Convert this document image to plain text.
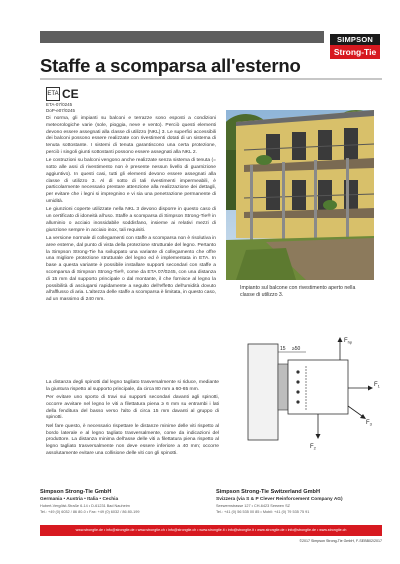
SIMPSON
Strong-Tie
Staffe a scomparsa all'esterno
ETA CE
ETA-07/0245
DoP-e07/0245

Di norma, gli impianti su balconi e terrazze sono esposti a condizioni meteorologiche varie (sole, pioggia, neve e vento). Perciò questi elementi devono essere assegnati alla classe di utilizzo (NKL) 3. Le superfici accessibili dei balconi possono essere realizzate con rivestimenti dotati di un sistema di tenuta sottostante. I sistemi di tenuta garantiscono una certa protezione, perciò i singoli giunti sottostanti possono essere assegnati alla NKL 2.

Le costruzioni su balconi vengono anche realizzate senza sistema di tenuta (= sotto alle assi di rivestimento non è presente nessun livello di guarnizione aggiuntivo). In questi casi, tutti gli elementi devono essere assegnati alla classe di utilizzo 3. Al di sotto di tali rivestimenti impermeabili, è particolarmente necessario prestare attenzione alla realizzazione dei dettagli, per evitare che i legni si impregnino e vi sia una penetrazione permanente di umidità.

Le giunzioni coperte utilizzate nella NKL 3 devono disporre in questo caso di un certificato di idoneità all'uso. Staffe a scomparsa di Simpson Strong-Tie® in alluminio o acciaio inossidabile soddisfano, insieme ai relativi mezzi di giunzione sempre in acciaio inox, tali requisiti.

La versione normale di collegamenti con staffe a scomparsa non è risolutiva in aree esterne, dal punto di vista della protezione strutturale del legno. Pertanto la Simpson Strong-Tie ha sviluppato una variante di collegamento che offre una migliore protezione strutturale del legno ed è implementata in ETA. In base a questa variante è possibile installare supporti secondari con staffe a scomparsa di Simpson Strong-Tie®, come da ETA 07/0245, con una distanza di 15 mm dal supporto principale o dal montante, il che fornisce al legno la possibilità di asciugarsi rapidamente a seguito dell'effetto dell'umidità dovuto all'afflusso di aria. L'altezza delle staffe a scomparsa è limitata, in questo caso, ad un massimo di 240 mm.

La distanza degli spinotti dal legno tagliato trasversalmente si riduce, mediante la giuntura rispetto al supporto principale, da circa 80 mm a 60-65 mm.

Per evitare uno sporto di travi sui supporti secondari davanti agli spinotti, occorre avvitare nel legno le viti a filettatura piena ≥ 6 mm su entrambi i lati della fenditura del basso verso l'alto di circa 15 mm davanti al gruppo di spinotti.

Nel fare questo, è necessario rispettare le distanze minime delle viti rispetto al bordo laterale e al legno tagliato trasversalmente, come da indicazioni del produttore. La distanza minima dell'asse delle viti a filettatura piena rispetto al legno tagliato trasversalmente non deve essere inferiore a 40 mm; occorre assolutamente evitare una collisione delle viti con gli spinotti.

Impianto sul balcone con rivestimento aperto nella classe di utilizzo 3.
15 ≥50
$F_1$
$F_{hp}$
$F_3$
$F_2$
Simpson Strong-Tie GmbH
Germania • Austria • Italia • Cechia
Hubert-Vergölst-Straße 6-14 • D-61231 Bad Nauheim
Tel.: +49 (0) 6032 / 86 80-0 • Fax: +49 (0) 6032 / 86 80-199
Simpson Strong-Tie Switzerland GmbH
Svizzera (via S & P Clever Reinforcement Company AG)
Seewernstrasse 127 • CH-6423 Seewen SZ
Tel.: +41 (0) 56 535 00 85 • Mobil: +41 (0) 79 535 75 91
www.strongtie.de • info@strongtie.de • www.strongtie.ch • info@strongtie.ch • www.strongtie.it • info@strongtie.it • www.strongtie.de • info@strongtie.de • www.strongtie.ch
©2017 Simpson Strong-Tie GmbH, F-SEBB02/2017
